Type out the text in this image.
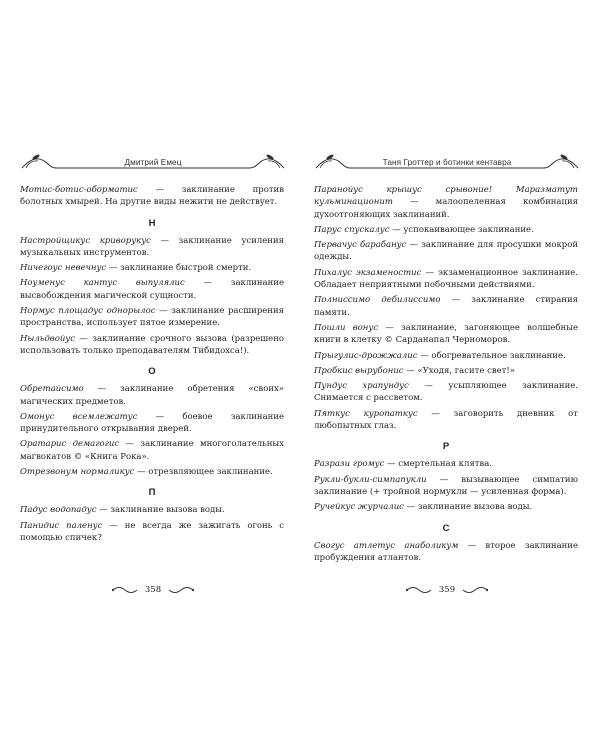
Дмитрий Емец

Мотис-ботис-оборматис — заклинание против болотных хмырей. На другие виды нежити не действует.

Н

Настройщикус криворукус — заклинание усиления музыкальных инструментов.

Ничегоус невечнус — заклинание быстрой смерти.

Ноуменус кантус выпулялис — заклинание высвобождения магической сущности.

Нормус площадус однорылос — заклинание расширения пространства, использует пятое измерение.

Ныльдвойус — заклинание срочного вызова (разрешено использовать только преподавателям Тибидохса!).

О

Обретайсимо — заклинание обретения «своих» магических предметов.

Омонус всемлежатус — боевое заклинание принудительного открывания дверей.

Оратарис демагогис — заклинание многоголательных магвокатов © «Книга Рока».

Отрезвонум нормаликус — отрезвляющее заклинание.

П

Падус водопадус — заклинание вызова воды.

Панидис паленус — не всегда же зажигать огонь с помощью спичек?

358
Таня Гроттер и ботинки кентавра

Паранойус крышус срывоние! Маразматут кульминационит — малоопеленная комбинация духоотгоняющих заклинаний.

Парус спускалус — успокаивающее заклинание.

Первачус барабанус — заклинание для просушки мокрой одежды.

Пихалус экзаменостис — экзаменационное заклинание. Обладает неприятными побочными действиями.

Полниссимо дебилиссимо — заклинание стирания памяти.

Пошли вонус — заклинание, загоняющее волшебные книги в клетку © Сарданапал Черноморов.

Прыгулис-дрожжалис — обогревательное заклинание.

Пробкис вырубонис — «Уходя, гасите свет!»

Пундус храпундус — усыпляющее заклинание. Снимается с рассветом.

Пяткус куропаткус — заговорить дневник от любопытных глаз.

Р

Разрази громус — смертельная клятва.

Рукли-букли-симпапукли — вызывающее симпатию заклинание (+ тройной нормукли — усиленная форма).

Ручейкус журчалис — заклинание вызова воды.

С

Свогус атлетус анаболикум — второе заклинание пробуждения атлантов.

359
